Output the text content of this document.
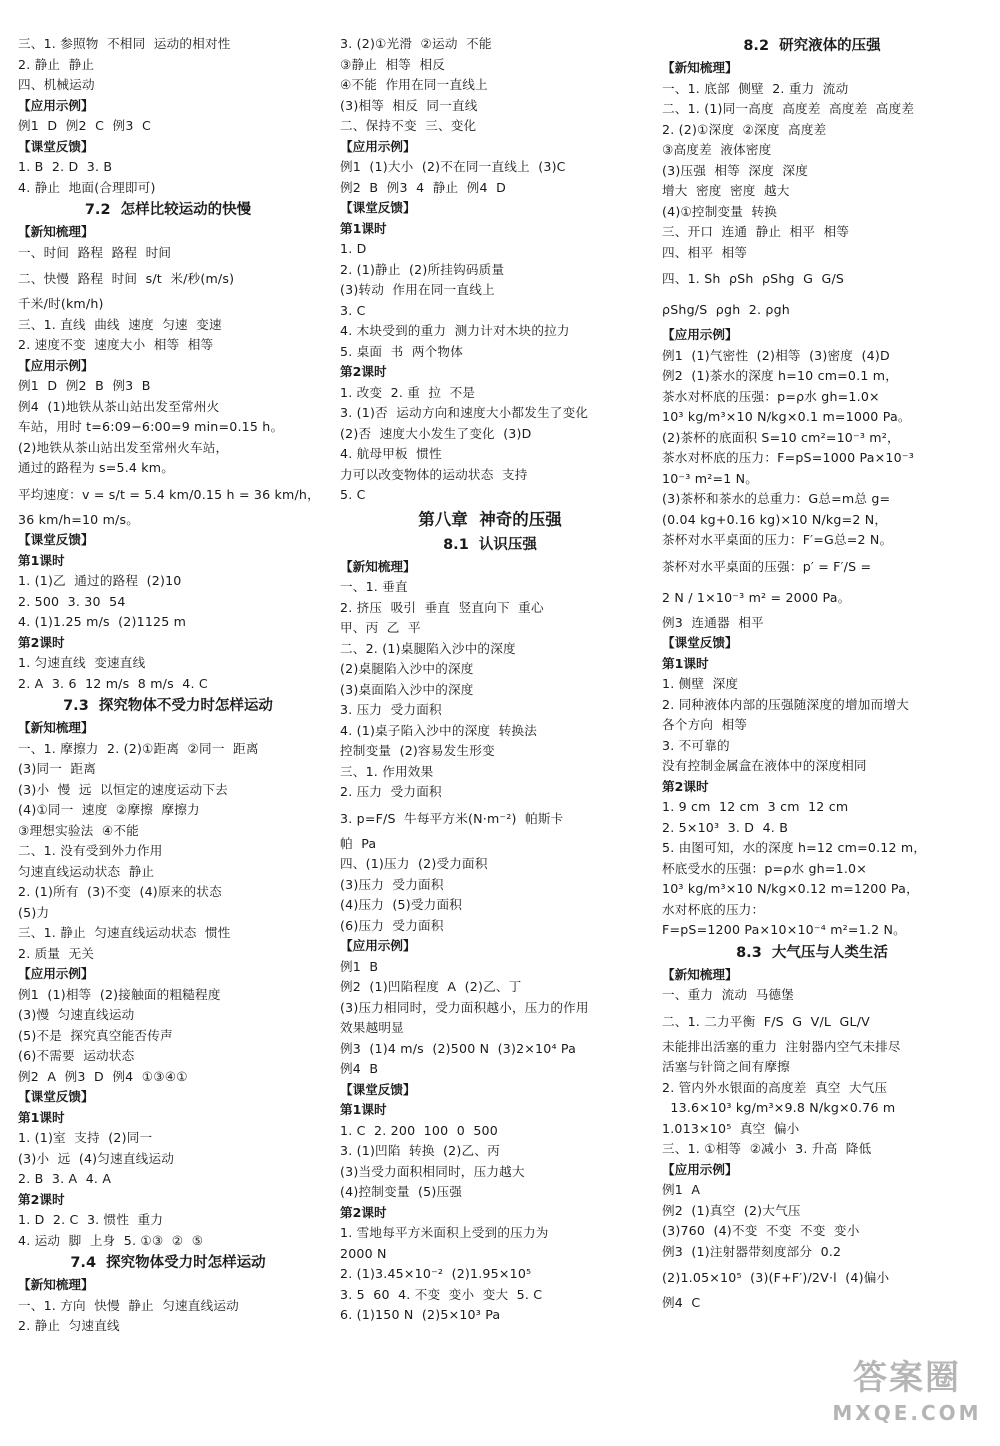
三、1. 参照物  不相同  运动的相对性
2. 静止  静止
四、机械运动
【应用示例】
例1  D  例2  C  例3  C
【课堂反馈】
1. B  2. D  3. B
4. 静止  地面(合理即可)
7.2  怎样比较运动的快慢
【新知梳理】
一、时间  路程  路程  时间
二、快慢  路程  时间  s/t  米/秒(m/s)
千米/时(km/h)
三、1. 直线  曲线  速度  匀速  变速
2. 速度不变  速度大小  相等  相等
【应用示例】
例1  D  例2  B  例3  B
例4  (1)地铁从茶山站出发至常州火
车站，用时 t=6:09−6:00=9 min=0.15 h。
(2)地铁从茶山站出发至常州火车站，
通过的路程为 s=5.4 km。
平均速度：v = s/t = 5.4 km/0.15 h = 36 km/h，
36 km/h=10 m/s。
【课堂反馈】
第1课时
1. (1)乙  通过的路程  (2)10
2. 500  3. 30  54
4. (1)1.25 m/s  (2)1125 m
第2课时
1. 匀速直线  变速直线
2. A  3. 6  12 m/s  8 m/s  4. C
7.3  探究物体不受力时怎样运动
【新知梳理】
一、1. 摩擦力  2. (2)①距离  ②同一  距离
(3)同一  距离
(3)小  慢  远  以恒定的速度运动下去
(4)①同一  速度  ②摩擦  摩擦力
③理想实验法  ④不能
二、1. 没有受到外力作用
匀速直线运动状态  静止
2. (1)所有  (3)不变  (4)原来的状态
(5)力
三、1. 静止  匀速直线运动状态  惯性
2. 质量  无关
【应用示例】
例1  (1)相等  (2)接触面的粗糙程度
(3)慢  匀速直线运动
(5)不是  探究真空能否传声
(6)不需要  运动状态
例2  A  例3  D  例4  ①③④①
【课堂反馈】
第1课时
1. (1)室  支持  (2)同一
(3)小  远  (4)匀速直线运动
2. B  3. A  4. A
第2课时
1. D  2. C  3. 惯性  重力
4. 运动  脚  上身  5. ①③  ②  ⑤
7.4  探究物体受力时怎样运动
【新知梳理】
一、1. 方向  快慢  静止  匀速直线运动
2. 静止  匀速直线
3. (2)①光滑  ②运动  不能
③静止  相等  相反
④不能  作用在同一直线上
(3)相等  相反  同一直线
二、保持不变  三、变化
【应用示例】
例1  (1)大小  (2)不在同一直线上  (3)C
例2  B  例3  4  静止  例4  D
【课堂反馈】
第1课时
1. D
2. (1)静止  (2)所挂钩码质量
(3)转动  作用在同一直线上
3. C
4. 木块受到的重力  测力计对木块的拉力
5. 桌面  书  两个物体
第2课时
1. 改变  2. 重  拉  不是
3. (1)否  运动方向和速度大小都发生了变化
(2)否  速度大小发生了变化  (3)D
4. 航母甲板  惯性
力可以改变物体的运动状态  支持
5. C
第八章  神奇的压强
8.1  认识压强
【新知梳理】
一、1. 垂直
2. 挤压  吸引  垂直  竖直向下  重心
甲、丙  乙  平
二、2. (1)桌腿陷入沙中的深度
(2)桌腿陷入沙中的深度
(3)桌面陷入沙中的深度
3. 压力  受力面积
4. (1)桌子陷入沙中的深度  转换法
控制变量  (2)容易发生形变
三、1. 作用效果
2. 压力  受力面积
3. p=F/S  牛每平方米(N·m⁻²)  帕斯卡
帕  Pa
四、(1)压力  (2)受力面积
(3)压力  受力面积
(4)压力  (5)受力面积
(6)压力  受力面积
【应用示例】
例1  B
例2  (1)凹陷程度  A  (2)乙、丁
(3)压力相同时，受力面积越小，压力的作用
效果越明显
例3  (1)4 m/s  (2)500 N  (3)2×10⁴ Pa
例4  B
【课堂反馈】
第1课时
1. C  2. 200  100  0  500
3. (1)凹陷  转换  (2)乙、丙
(3)当受力面积相同时，压力越大
(4)控制变量  (5)压强
第2课时
1. 雪地每平方米面积上受到的压力为
2000 N
2. (1)3.45×10⁻²  (2)1.95×10⁵
3. 5  60  4. 不变  变小  变大  5. C
6. (1)150 N  (2)5×10³ Pa
8.2  研究液体的压强
【新知梳理】
一、1. 底部  侧壁  2. 重力  流动
二、1. (1)同一高度  高度差  高度差  高度差
2. (2)①深度  ②深度  高度差
③高度差  液体密度
(3)压强  相等  深度  深度
增大  密度  密度  越大
(4)①控制变量  转换
三、开口  连通  静止  相平  相等
四、相平  相等
四、1. Sh  ρSh  ρShg  G  G/S
ρShg/S  ρgh  2. ρgh
【应用示例】
例1  (1)气密性  (2)相等  (3)密度  (4)D
例2  (1)茶水的深度 h=10 cm=0.1 m，
茶水对杯底的压强：p=ρ水 gh=1.0×
10³ kg/m³×10 N/kg×0.1 m=1000 Pa。
(2)茶杯的底面积 S=10 cm²=10⁻³ m²，
茶水对杯底的压力：F=pS=1000 Pa×10⁻³
10⁻³ m²=1 N。
(3)茶杯和茶水的总重力：G总=m总 g=
(0.04 kg+0.16 kg)×10 N/kg=2 N，
茶杯对水平桌面的压力：F′=G总=2 N。
茶杯对水平桌面的压强：p′ = F′/S =
2 N / 1×10⁻³ m² = 2000 Pa。
例3  连通器  相平
【课堂反馈】
第1课时
1. 侧壁  深度
2. 同种液体内部的压强随深度的增加而增大
各个方向  相等
3. 不可靠的
没有控制金属盒在液体中的深度相同
第2课时
1. 9 cm  12 cm  3 cm  12 cm
2. 5×10³  3. D  4. B
5. 由图可知，水的深度 h=12 cm=0.12 m，
杯底受水的压强：p=ρ水 gh=1.0×
10³ kg/m³×10 N/kg×0.12 m=1200 Pa，
水对杯底的压力：
F=pS=1200 Pa×10×10⁻⁴ m²=1.2 N。
8.3  大气压与人类生活
【新知梳理】
一、重力  流动  马德堡
二、1. 二力平衡  F/S  G  V/L  GL/V
未能排出活塞的重力  注射器内空气未排尽
活塞与针筒之间有摩擦
2. 管内外水银面的高度差  真空  大气压
13.6×10³ kg/m³×9.8 N/kg×0.76 m
1.013×10⁵  真空  偏小
三、1. ①相等  ②减小  3. 升高  降低
【应用示例】
例1  A
例2  (1)真空  (2)大气压
(3)760  (4)不变  不变  不变  变小
例3  (1)注射器带刻度部分  0.2
(2)1.05×10⁵  (3)(F+F′)/2V·l  (4)偏小
例4  C
答案圈
MXQE.COM
